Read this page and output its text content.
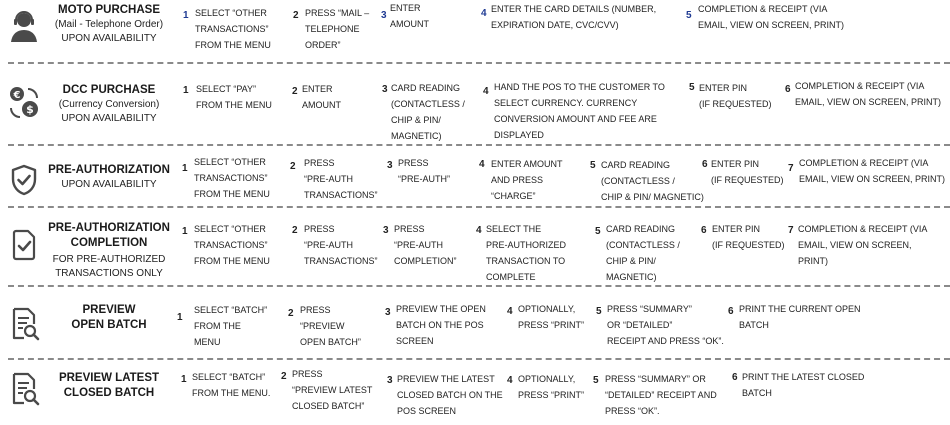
MOTO PURCHASE
(Mail - Telephone Order)
UPON AVAILABILITY
1 SELECT “OTHER
TRANSACTIONS”
FROM THE MENU
2 PRESS “MAIL –
TELEPHONE
ORDER”
3
ENTER
AMOUNT
4 ENTER THE CARD DETAILS (NUMBER,
EXPIRATION DATE, CVC/CVV)
5
COMPLETION & RECEIPT (VIA
EMAIL, VIEW ON SCREEN, PRINT)
€
$
DCC PURCHASE
(Currency Conversion)
UPON AVAILABILITY
1 SELECT “PAY”
FROM THE MENU
2 ENTER
AMOUNT
3 CARD READING
(CONTACTLESS /
CHIP & PIN/
MAGNETIC)
4 HAND THE POS TO THE CUSTOMER TO
SELECT CURRENCY. CURRENCY
CONVERSION AMOUNT AND FEE ARE
DISPLAYED
5 ENTER PIN
(IF REQUESTED)
6 COMPLETION & RECEIPT (VIA
EMAIL, VIEW ON SCREEN, PRINT)
PRE-AUTHORIZATION
UPON AVAILABILITY
1
SELECT “OTHER
TRANSACTIONS”
FROM THE MENU
2 PRESS
“PRE-AUTH
TRANSACTIONS”
3 PRESS
“PRE-AUTH”
4 ENTER AMOUNT
AND PRESS
“CHARGE”
5 CARD READING
(CONTACTLESS /
CHIP & PIN/ MAGNETIC)
6 ENTER PIN
(IF REQUESTED)
7 COMPLETION & RECEIPT (VIA
EMAIL, VIEW ON SCREEN, PRINT)
PRE-AUTHORIZATION
COMPLETION
FOR PRE-AUTHORIZED
TRANSACTIONS ONLY
1 SELECT “OTHER
TRANSACTIONS”
FROM THE MENU
2 PRESS
“PRE-AUTH
TRANSACTIONS”
3 PRESS
“PRE-AUTH
COMPLETION”
4 SELECT THE
PRE-AUTHORIZED
TRANSACTION TO
COMPLETE
5 CARD READING
(CONTACTLESS /
CHIP & PIN/
MAGNETIC)
6 ENTER PIN
(IF REQUESTED)
7 COMPLETION & RECEIPT (VIA
EMAIL, VIEW ON SCREEN,
PRINT)
PREVIEW
OPEN BATCH
1
SELECT “BATCH”
FROM THE
MENU
2 PRESS
“PREVIEW
OPEN BATCH”
3 PREVIEW THE OPEN
BATCH ON THE POS
SCREEN
4 OPTIONALLY,
PRESS “PRINT”
5 PRESS “SUMMARY”
OR “DETAILED”
RECEIPT AND PRESS “OK”.
6 PRINT THE CURRENT OPEN
BATCH
PREVIEW LATEST
CLOSED BATCH
1 SELECT “BATCH”
FROM THE MENU.
2 PRESS
“PREVIEW LATEST
CLOSED BATCH”
3 PREVIEW THE LATEST
CLOSED BATCH ON THE
POS SCREEN
4 OPTIONALLY,
PRESS “PRINT”
5 PRESS “SUMMARY” OR
“DETAILED” RECEIPT AND
PRESS “OK”.
6 PRINT THE LATEST CLOSED
BATCH
